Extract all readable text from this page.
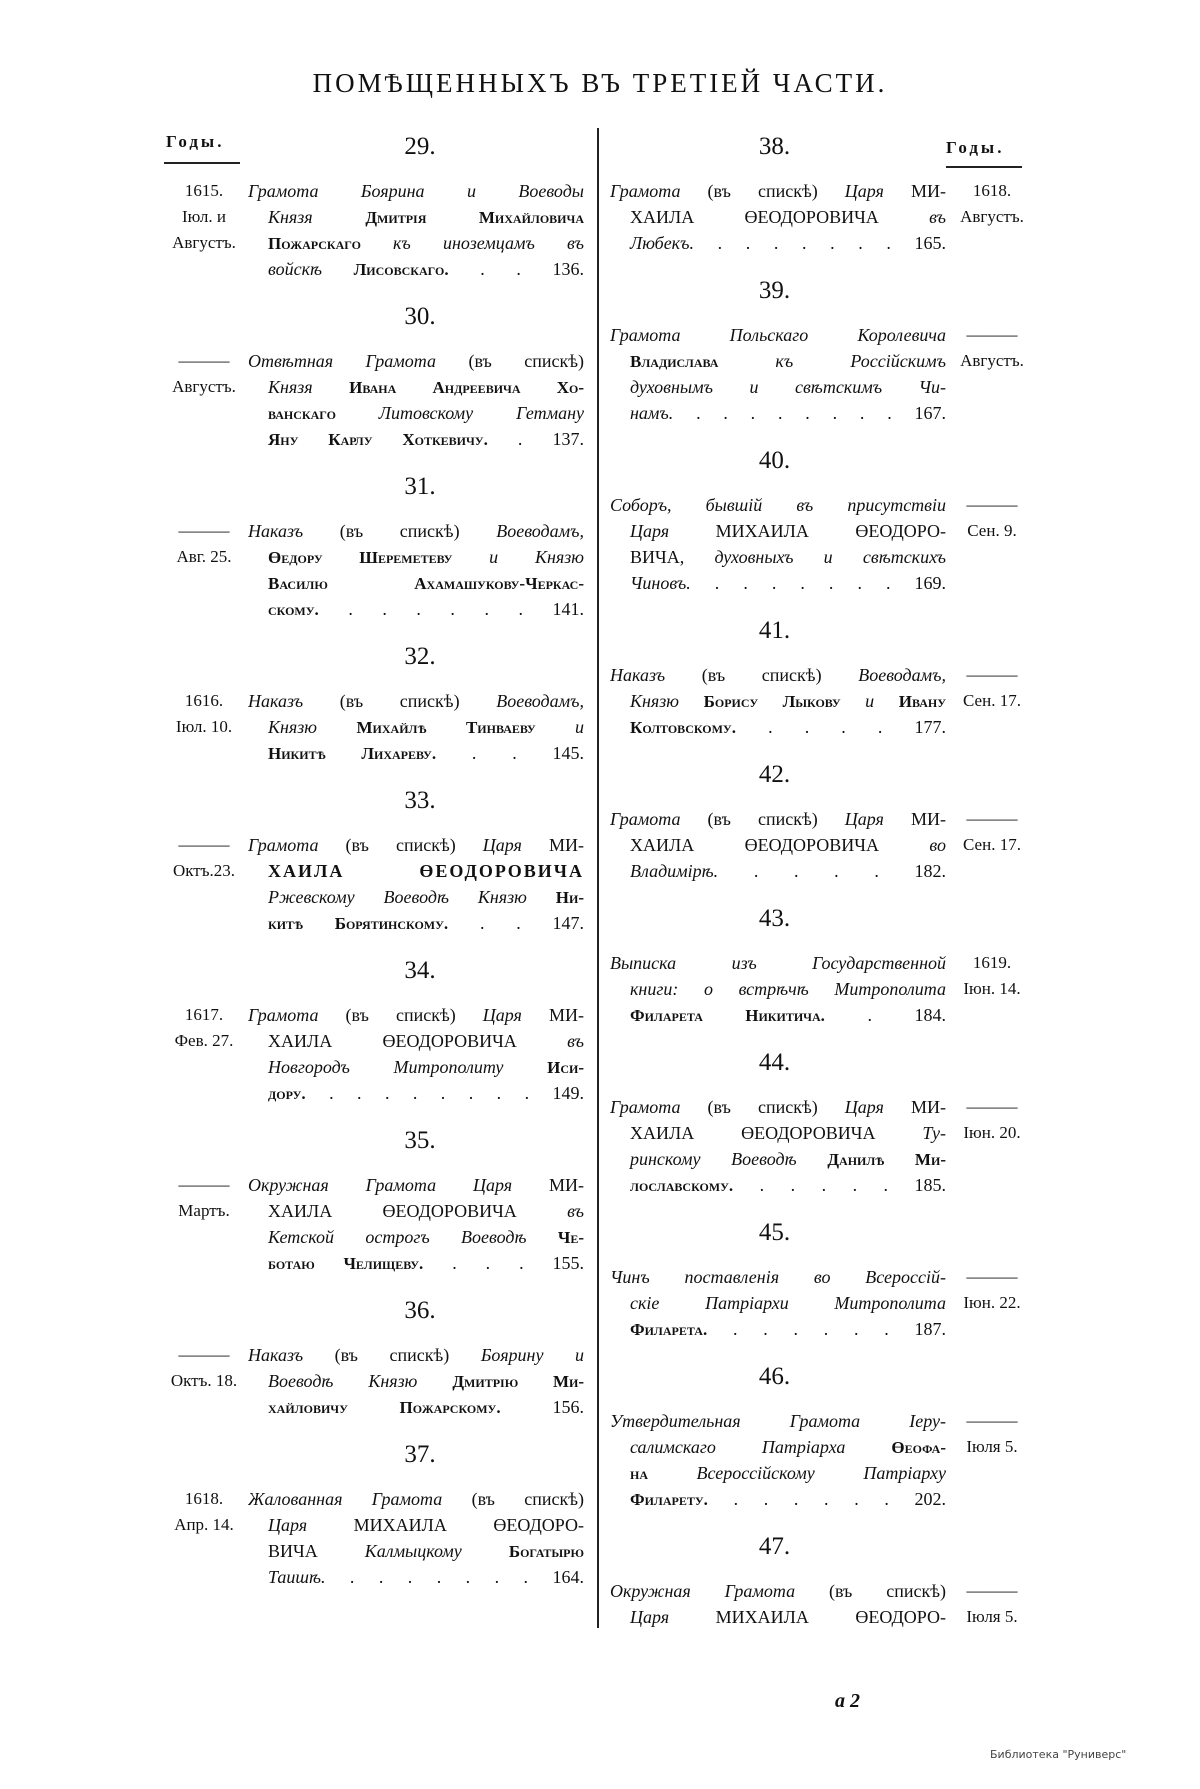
ПОМѢЩЕННЫХЪ ВЪ ТРЕТІЕЙ ЧАСТИ.
Годы.	Годы.
29.
1615.
Іюл. и
Августъ.
Грамота Боярина и Воеводы
Князя Дмитрія Михайловича
Пожарскаго къ иноземцамъ въ
войскѣ Лисовскаго. . . 136.
30.
———
Августъ.
Отвѣтная Грамота (въ спискѣ)
Князя Ивана Андреевича Хо-
ванскаго Литовскому Гетману
Яну Карлу Хоткевичу. . 137.
31.
———
Авг. 25.
Наказъ (въ спискѣ) Воеводамъ,
Өедору Шереметеву и Князю
Василю Ахамашукову-Черкас-
скому. . . . . . . 141.
32.
1616.
Іюл. 10.
Наказъ (въ спискѣ) Воеводамъ,
Князю Михайлѣ Тинваеву и
Никитѣ Лихареву. . . 145.
33.
———
Октъ.23.
Грамота (въ спискѣ) Царя МИ-
ХАИЛА ӨЕОДОРОВИЧА
Ржевскому Воеводѣ Князю Ни-
китѣ Борятинскому. . . 147.
34.
1617.
Фев. 27.
Грамота (въ спискѣ) Царя МИ-
ХАИЛА ӨЕОДОРОВИЧА въ
Новгородъ Митрополиту Иси-
дору. . . . . . . . . 149.
35.
———
Мартъ.
Окружная Грамота Царя МИ-
ХАИЛА ӨЕОДОРОВИЧА въ
Кетской острогъ Воеводѣ Че-
ботаю Челищеву. . . . 155.
36.
———
Октъ. 18.
Наказъ (въ спискѣ) Боярину и
Воеводѣ Князю Дмитрію Ми-
хайловичу Пожарскому. 156.
37.
1618.
Апр. 14.
Жалованная Грамота (въ спискѣ)
Царя МИХАИЛА ӨЕОДОРО-
ВИЧА Калмыцкому Богатырю
Таишѣ. . . . . . . . 164.
38.
1618.
Августъ.
Грамота (въ спискѣ) Царя МИ-
ХАИЛА ӨЕОДОРОВИЧА въ
Любекъ. . . . . . . . 165.
39.
———
Августъ.
Грамота Польскаго Королевича
Владислава къ Россійскимъ
духовнымъ и свѣтскимъ Чи-
намъ. . . . . . . . . 167.
40.
———
Сен. 9.
Соборъ, бывшій въ присутствіи
Царя МИХАИЛА ӨЕОДОРО-
ВИЧА, духовныхъ и свѣтскихъ
Чиновъ. . . . . . . . 169.
41.
———
Сен. 17.
Наказъ (въ спискѣ) Воеводамъ,
Князю Борису Лыкову и Ивану
Колтовскому. . . . . 177.
42.
———
Сен. 17.
Грамота (въ спискѣ) Царя МИ-
ХАИЛА ӨЕОДОРОВИЧА во
Владимірѣ. . . . . 182.
43.
1619.
Іюн. 14.
Выписка изъ Государственной
книги: о встрѣчѣ Митрополита
Филарета Никитича. . 184.
44.
———
Іюн. 20.
Грамота (въ спискѣ) Царя МИ-
ХАИЛА ӨЕОДОРОВИЧА Ту-
ринскому Воеводѣ Данилѣ Ми-
лославскому. . . . . . 185.
45.
———
Іюн. 22.
Чинъ поставленія во Всероссій-
скіе Патріархи Митрополита
Филарета. . . . . . . 187.
46.
———
Іюля 5.
Утвердительная Грамота Іеру-
салимскаго Патріарха Өеофа-
на Всероссійскому Патріарху
Филарету. . . . . . . 202.
47.
———
Іюля 5.
Окружная Грамота (въ спискѣ)
Царя МИХАИЛА ӨЕОДОРО-
а 2
Библиотека "Руниверс"
